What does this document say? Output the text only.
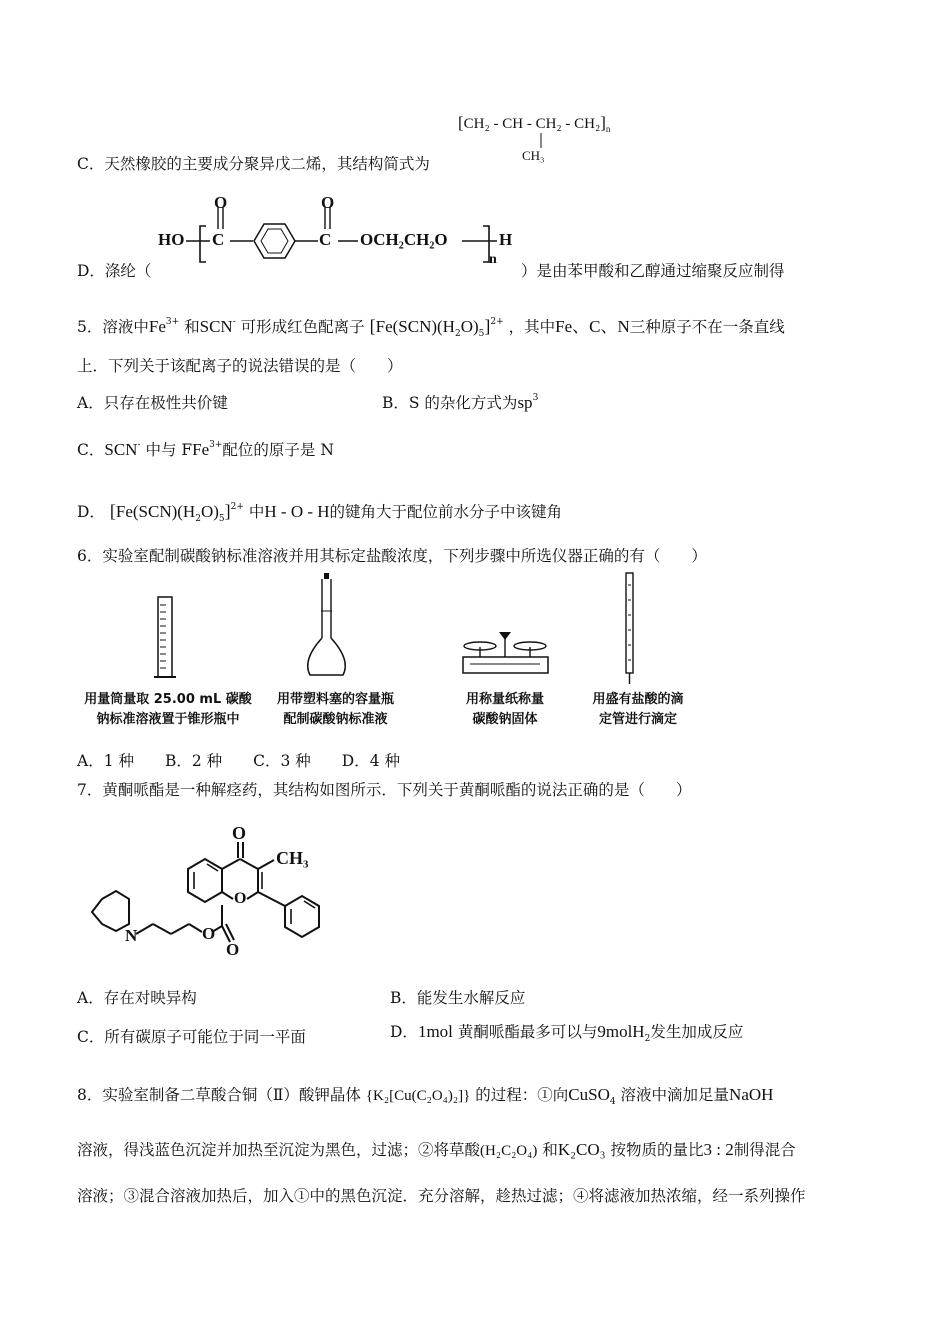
[CH₂ - CH - $CH_2 - CH_2]_n$
CH₃
C．天然橡胶的主要成分聚异戊二烯，其结构简式为
HO C
O
C
O
OCH₂CH₂O	H
n
D．涤纶（	）是由苯甲酸和乙醇通过缩聚反应制得
5．溶液中$Fe^{3+}$ 和SCN- 可形成红色配离子 $[Fe(SCN)(H_2O)_5]^{2+}$ ，其中Fe、C、N三种原子不在一条直线
上．下列关于该配离子的说法错误的是（　　）
A．只存在极性共价键	B．S 的杂化方式为$sp^3$
C．SCN- 中与 FFe$^{3+}$配位的原子是 N
D． $[Fe(SCN)(H_2O)_5]^{2+}$ 中H - O - H的键角大于配位前水分子中该键角
6．实验室配制碳酸钠标准溶液并用其标定盐酸浓度，下列步骤中所选仪器正确的有（　　）
用量筒量取 25.00 mL 碳酸
钠标准溶液置于锥形瓶中
用带塑料塞的容量瓶
配制碳酸钠标准液
用称量纸称量
碳酸钠固体
用盛有盐酸的滴
定管进行滴定
A．1 种　　B．2 种　　C．3 种　　D．4 种
7．黄酮哌酯是一种解痉药，其结构如图所示．下列关于黄酮哌酯的说法正确的是（　　）
O
CH₃
O
N	O
O
A．存在对映异构	B．能发生水解反应
C．所有碳原子可能位于同一平面	D．1mol 黄酮哌酯最多可以与9molH$_2$发生加成反应
8．实验室制备二草酸合铜（Ⅱ）酸钾晶体 {K₂[Cu(C₂O₄)₂]} 的过程：①向CuSO$_4$ 溶液中滴加足量NaOH
溶液，得浅蓝色沉淀并加热至沉淀为黑色，过滤；②将草酸(H₂C₂O₄) 和K₂CO₃ 按物质的量比3 : 2制得混合
溶液；③混合溶液加热后，加入①中的黑色沉淀．充分溶解，趁热过滤；④将滤液加热浓缩，经一系列操作
